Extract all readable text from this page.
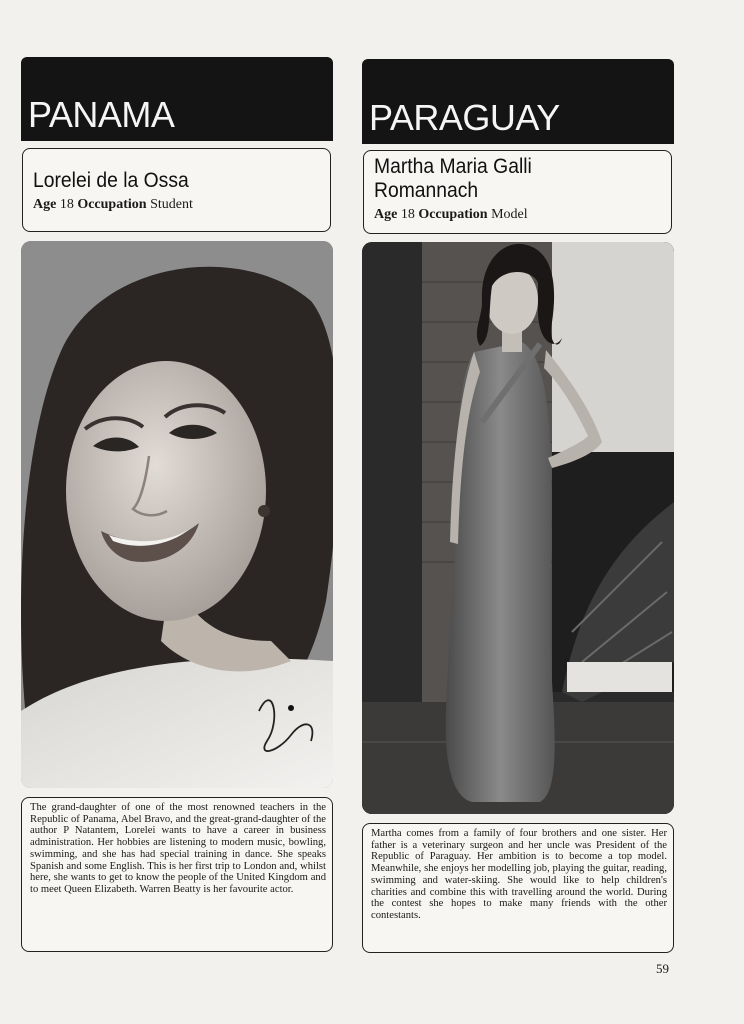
PANAMA
Lorelei de la Ossa
Age 18 Occupation Student
The grand-daughter of one of the most renowned teachers in the Republic of Panama, Abel Bravo, and the great-grand-daughter of the author P Natantem, Lorelei wants to have a career in business administration. Her hobbies are listening to modern music, bowling, swimming, and she has had special training in dance. She speaks Spanish and some English. This is her first trip to London and, whilst here, she wants to get to know the people of the United Kingdom and to meet Queen Elizabeth. Warren Beatty is her favourite actor.
PARAGUAY
Martha Maria Galli
Romannach
Age 18 Occupation Model
Martha comes from a family of four brothers and one sister. Her father is a veterinary surgeon and her uncle was President of the Republic of Paraguay. Her ambition is to become a top model. Meanwhile, she enjoys her modelling job, playing the guitar, reading, swimming and water-skiing. She would like to help children's charities and combine this with travelling around the world. During the contest she hopes to make many friends with the other contestants.
59
